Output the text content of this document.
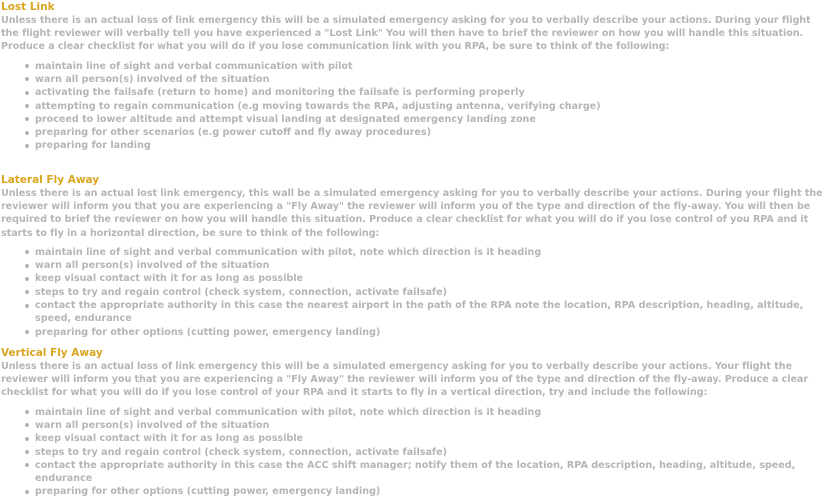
Lost Link

Unless there is an actual loss of link emergency this will be a simulated emergency asking for you to verbally describe your actions. During your flight the flight reviewer will verbally tell you have experienced a "Lost Link" You will then have to brief the reviewer on how you will handle this situation. Produce a clear checklist for what you will do if you lose communication link with you RPA, be sure to think of the following:

maintain line of sight and verbal communication with pilot
warn all person(s) involved of the situation
activating the failsafe (return to home) and monitoring the failsafe is performing properly
attempting to regain communication (e.g moving towards the RPA, adjusting antenna, verifying charge)
proceed to lower altitude and attempt visual landing at designated emergency landing zone
preparing for other scenarios (e.g power cutoff and fly away procedures)
preparing for landing
Lateral Fly Away

Unless there is an actual lost link emergency, this wall be a simulated emergency asking for you to verbally describe your actions. During your flight the reviewer will inform you that you are experiencing a "Fly Away" the reviewer will inform you of the type and direction of the fly-away. You will then be required to brief the reviewer on how you will handle this situation. Produce a clear checklist for what you will do if you lose control of you RPA and it starts to fly in a horizontal direction, be sure to think of the following:

maintain line of sight and verbal communication with pilot, note which direction is it heading
warn all person(s) involved of the situation
keep visual contact with it for as long as possible
steps to try and regain control (check system, connection, activate failsafe)
contact the appropriate authority in this case the nearest airport in the path of the RPA note the location, RPA description, heading, altitude, speed, endurance
preparing for other options (cutting power, emergency landing)
Vertical Fly Away

Unless there is an actual loss of link emergency this will be a simulated emergency asking for you to verbally describe your actions. Your flight the reviewer will inform you that you are experiencing a "Fly Away" the reviewer will inform you of the type and direction of the fly-away. Produce a clear checklist for what you will do if you lose control of your RPA and it starts to fly in a vertical direction, try and include the following:

maintain line of sight and verbal communication with pilot, note which direction is it heading
warn all person(s) involved of the situation
keep visual contact with it for as long as possible
steps to try and regain control (check system, connection, activate failsafe)
contact the appropriate authority in this case the ACC shift manager; notify them of the location, RPA description, heading, altitude, speed, endurance
preparing for other options (cutting power, emergency landing)
